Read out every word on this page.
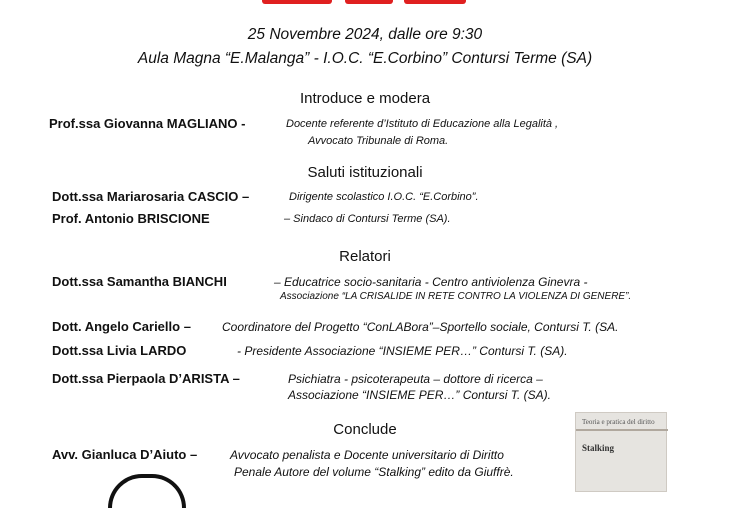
25 Novembre 2024, dalle ore 9:30
Aula Magna “E.Malanga” - I.O.C. “E.Corbino” Contursi Terme (SA)
Introduce e modera
Prof.ssa Giovanna MAGLIANO -	Docente referente d’Istituto di Educazione alla Legalità ,
Avvocato Tribunale di Roma.
Saluti istituzionali
Dott.ssa Mariarosaria CASCIO –	Dirigente scolastico I.O.C. “E.Corbino”.
Prof. Antonio BRISCIONE	– Sindaco di Contursi Terme (SA).
Relatori
Dott.ssa Samantha BIANCHI	– Educatrice socio-sanitaria - Centro antiviolenza Ginevra -
Associazione “LA CRISALIDE IN RETE CONTRO LA VIOLENZA DI GENERE”.
Dott. Angelo Cariello –	Coordinatore del Progetto “ConLABora”–Sportello sociale, Contursi T. (SA.
Dott.ssa Livia LARDO	- Presidente Associazione “INSIEME PER…” Contursi T. (SA).
Dott.ssa Pierpaola D’ARISTA –	Psichiatra - psicoterapeuta – dottore di ricerca –
Associazione “INSIEME PER…” Contursi T. (SA).
Conclude
Avv. Gianluca D’Aiuto –	Avvocato penalista e Docente universitario di Diritto
Penale Autore del volume “Stalking” edito da Giuffrè.
Teoria e pratica del diritto
Stalking
